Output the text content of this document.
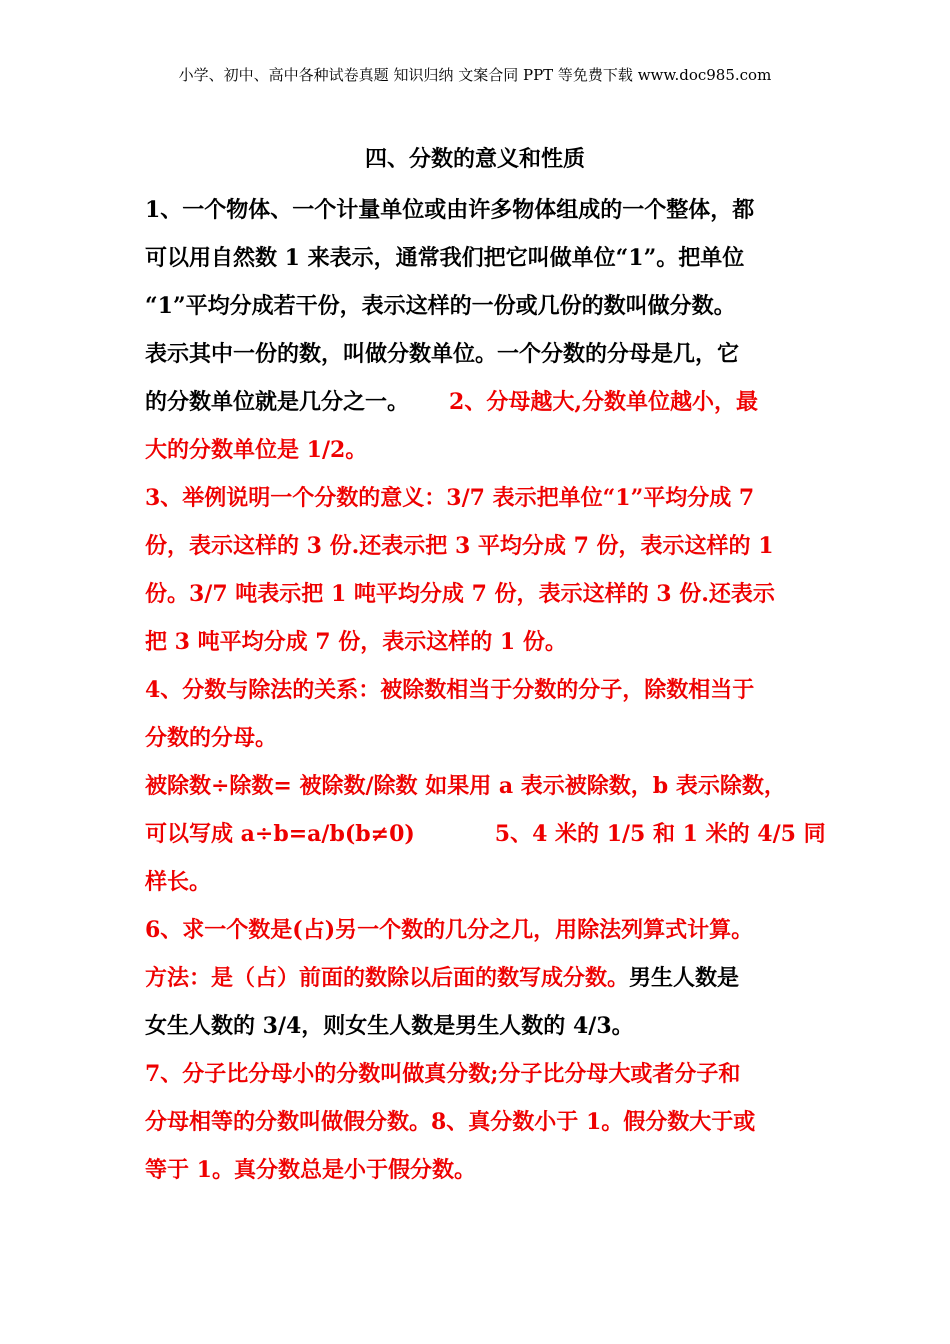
小学、初中、高中各种试卷真题 知识归纳 文案合同 PPT 等免费下载 www.doc985.com
四、分数的意义和性质
1、一个物体、一个计量单位或由许多物体组成的一个整体，都
可以用自然数 1 来表示，通常我们把它叫做单位“1”。把单位
“1”平均分成若干份，表示这样的一份或几份的数叫做分数。
表示其中一份的数，叫做分数单位。一个分数的分母是几，它
的分数单位就是几分之一。 2、分母越大,分数单位越小，最
大的分数单位是 1/2。
3、举例说明一个分数的意义：3/7 表示把单位“1”平均分成 7
份，表示这样的 3 份.还表示把 3 平均分成 7 份，表示这样的 1
份。3/7 吨表示把 1 吨平均分成 7 份，表示这样的 3 份.还表示
把 3 吨平均分成 7 份，表示这样的 1 份。
4、分数与除法的关系：被除数相当于分数的分子，除数相当于
分数的分母。
被除数÷除数= 被除数/除数 如果用 a 表示被除数，b 表示除数，
可以写成 a÷b=a/b(b≠0)	5、4 米的 1/5 和 1 米的 4/5 同
样长。
6、求一个数是(占)另一个数的几分之几，用除法列算式计算。
方法：是（占）前面的数除以后面的数写成分数。男生人数是
女生人数的 3/4，则女生人数是男生人数的 4/3。
7、分子比分母小的分数叫做真分数;分子比分母大或者分子和
分母相等的分数叫做假分数。8、真分数小于 1。假分数大于或
等于 1。真分数总是小于假分数。
